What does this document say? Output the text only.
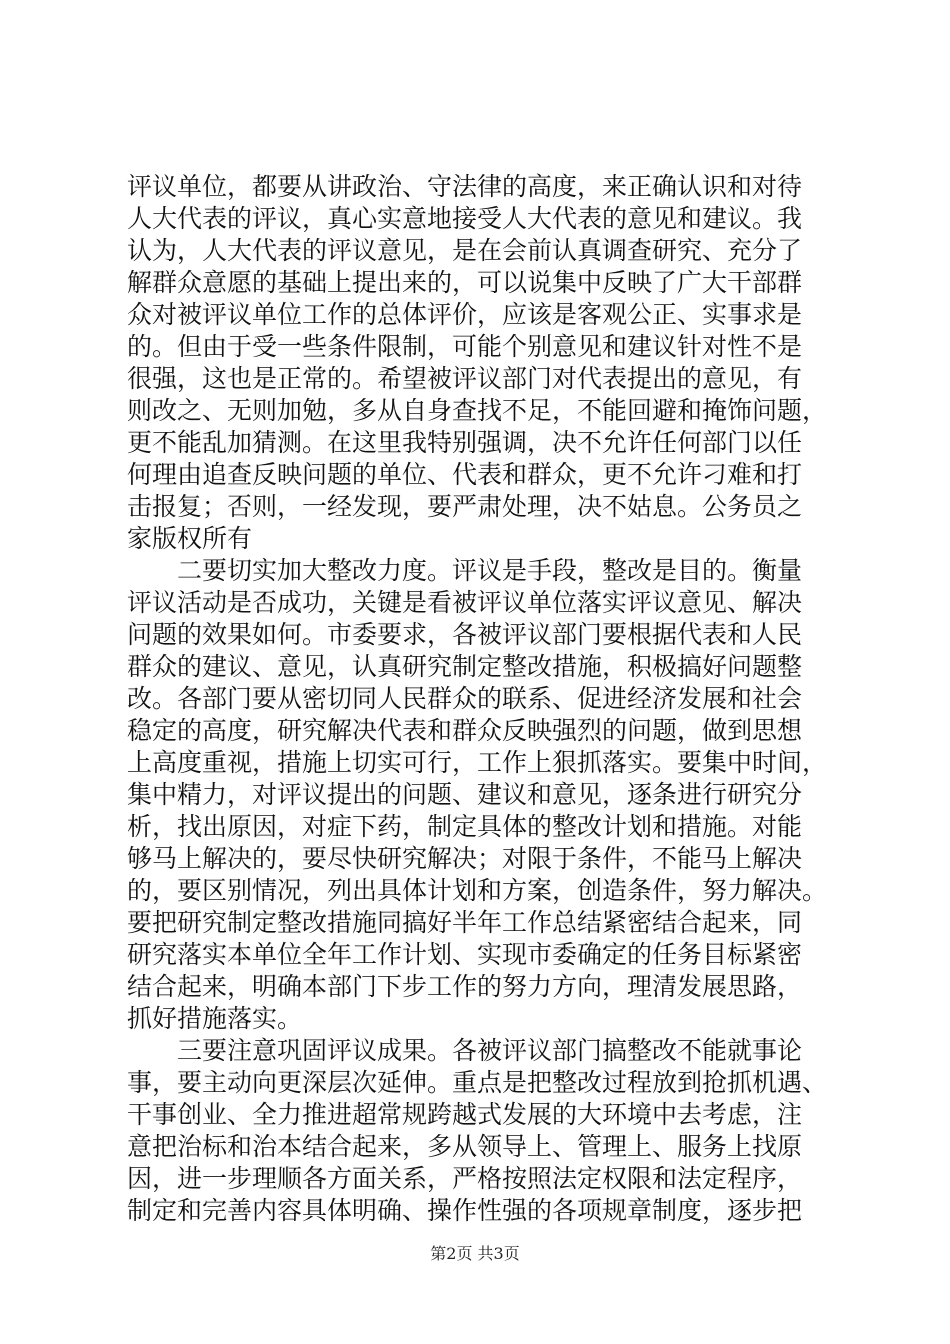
评议单位，都要从讲政治、守法律的高度，来正确认识和对待
人大代表的评议，真心实意地接受人大代表的意见和建议。我
认为，人大代表的评议意见，是在会前认真调查研究、充分了
解群众意愿的基础上提出来的，可以说集中反映了广大干部群
众对被评议单位工作的总体评价，应该是客观公正、实事求是
的。但由于受一些条件限制，可能个别意见和建议针对性不是
很强，这也是正常的。希望被评议部门对代表提出的意见，有
则改之、无则加勉，多从自身查找不足，不能回避和掩饰问题，
更不能乱加猜测。在这里我特别强调，决不允许任何部门以任
何理由追查反映问题的单位、代表和群众，更不允许刁难和打
击报复；否则，一经发现，要严肃处理，决不姑息。公务员之
家版权所有
　　二要切实加大整改力度。评议是手段，整改是目的。衡量
评议活动是否成功，关键是看被评议单位落实评议意见、解决
问题的效果如何。市委要求，各被评议部门要根据代表和人民
群众的建议、意见，认真研究制定整改措施，积极搞好问题整
改。各部门要从密切同人民群众的联系、促进经济发展和社会
稳定的高度，研究解决代表和群众反映强烈的问题，做到思想
上高度重视，措施上切实可行，工作上狠抓落实。要集中时间，
集中精力，对评议提出的问题、建议和意见，逐条进行研究分
析，找出原因，对症下药，制定具体的整改计划和措施。对能
够马上解决的，要尽快研究解决；对限于条件，不能马上解决
的，要区别情况，列出具体计划和方案，创造条件，努力解决。
要把研究制定整改措施同搞好半年工作总结紧密结合起来，同
研究落实本单位全年工作计划、实现市委确定的任务目标紧密
结合起来，明确本部门下步工作的努力方向，理清发展思路，
抓好措施落实。
　　三要注意巩固评议成果。各被评议部门搞整改不能就事论
事，要主动向更深层次延伸。重点是把整改过程放到抢抓机遇、
干事创业、全力推进超常规跨越式发展的大环境中去考虑，注
意把治标和治本结合起来，多从领导上、管理上、服务上找原
因，进一步理顺各方面关系，严格按照法定权限和法定程序，
制定和完善内容具体明确、操作性强的各项规章制度，逐步把
第2页 共3页
